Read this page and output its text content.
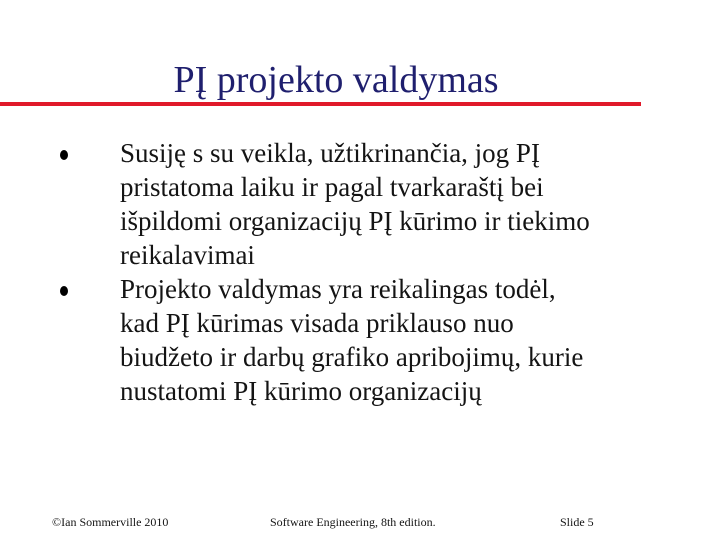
PĮ projekto valdymas
Susiję s su veikla, užtikrinančia, jog PĮ
pristatoma laiku ir pagal tvarkaraštį bei
išpildomi organizacijų PĮ kūrimo ir tiekimo
reikalavimai
Projekto valdymas yra reikalingas todėl,
kad PĮ kūrimas visada priklauso nuo
biudžeto ir darbų grafiko apribojimų, kurie
nustatomi PĮ kūrimo organizacijų
©Ian Sommerville 2010	Software Engineering, 8th edition.	Slide 5
